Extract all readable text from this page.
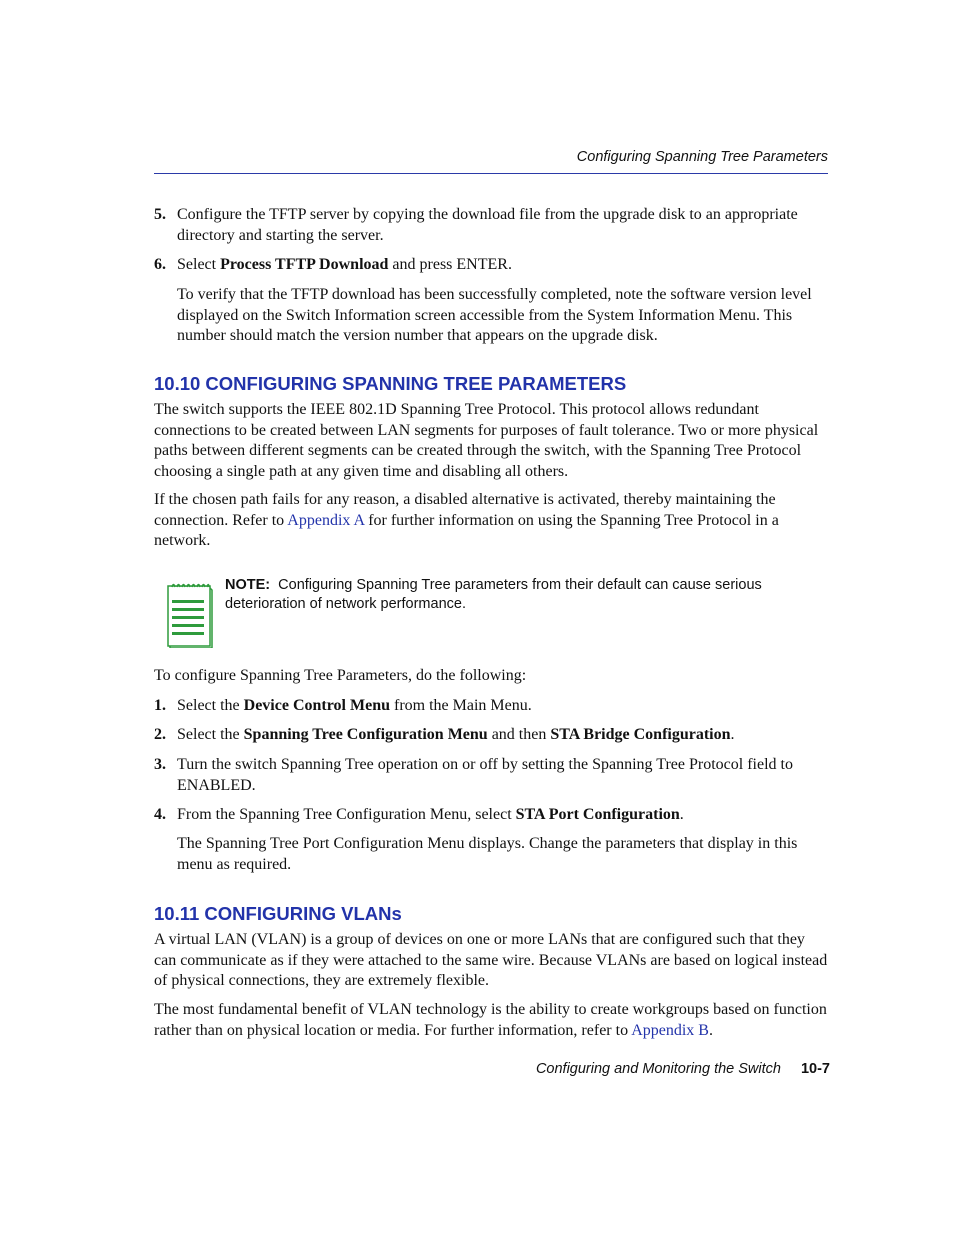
Configuring Spanning Tree Parameters
5. Configure the TFTP server by copying the download file from the upgrade disk to an appropriate directory and starting the server.
6. Select Process TFTP Download and press ENTER.
To verify that the TFTP download has been successfully completed, note the software version level displayed on the Switch Information screen accessible from the System Information Menu. This number should match the version number that appears on the upgrade disk.
10.10 CONFIGURING SPANNING TREE PARAMETERS
The switch supports the IEEE 802.1D Spanning Tree Protocol. This protocol allows redundant connections to be created between LAN segments for purposes of fault tolerance. Two or more physical paths between different segments can be created through the switch, with the Spanning Tree Protocol choosing a single path at any given time and disabling all others.
If the chosen path fails for any reason, a disabled alternative is activated, thereby maintaining the connection. Refer to Appendix A for further information on using the Spanning Tree Protocol in a network.
NOTE: Configuring Spanning Tree parameters from their default can cause serious deterioration of network performance.
To configure Spanning Tree Parameters, do the following:
1. Select the Device Control Menu from the Main Menu.
2. Select the Spanning Tree Configuration Menu and then STA Bridge Configuration.
3. Turn the switch Spanning Tree operation on or off by setting the Spanning Tree Protocol field to ENABLED.
4. From the Spanning Tree Configuration Menu, select STA Port Configuration.
The Spanning Tree Port Configuration Menu displays. Change the parameters that display in this menu as required.
10.11 CONFIGURING VLANs
A virtual LAN (VLAN) is a group of devices on one or more LANs that are configured such that they can communicate as if they were attached to the same wire. Because VLANs are based on logical instead of physical connections, they are extremely flexible.
The most fundamental benefit of VLAN technology is the ability to create workgroups based on function rather than on physical location or media. For further information, refer to Appendix B.
Configuring and Monitoring the Switch 10-7
